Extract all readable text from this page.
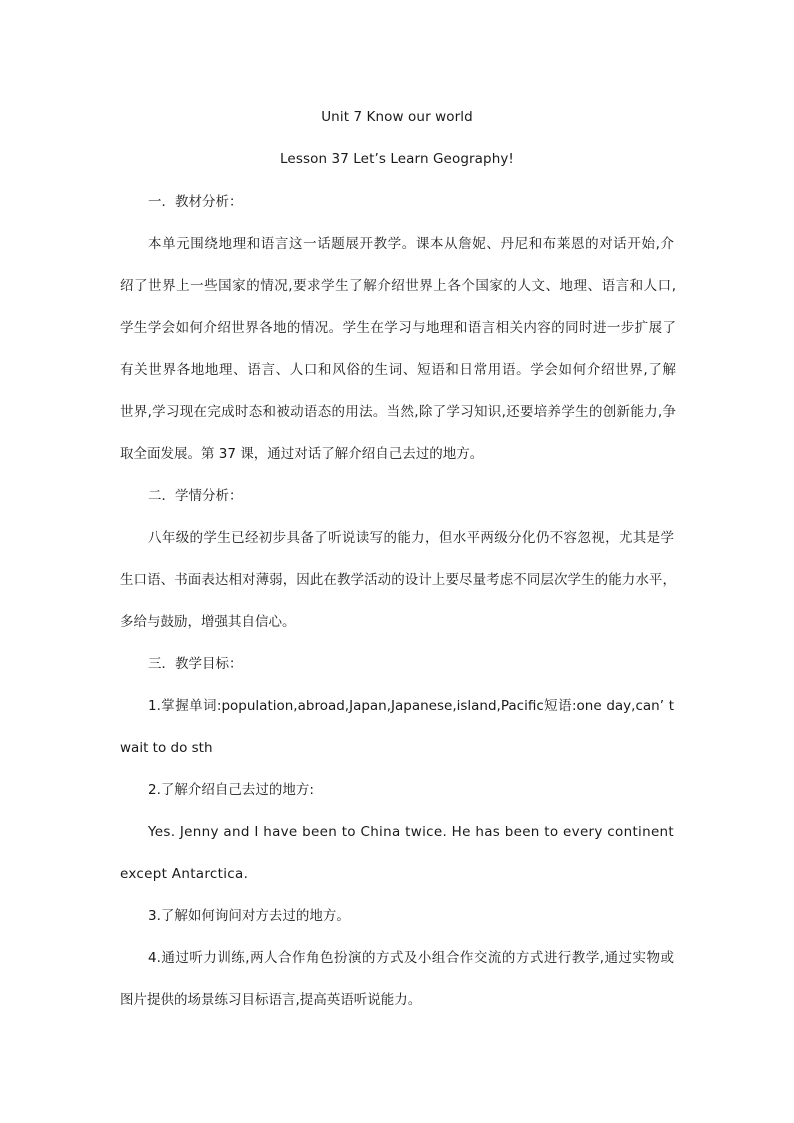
Unit 7 Know our world
Lesson 37 Let’s Learn Geography!
一．教材分析：
本单元围绕地理和语言这一话题展开教学。课本从詹妮、丹尼和布莱恩的对话开始,介
绍了世界上一些国家的情况,要求学生了解介绍世界上各个国家的人文、地理、语言和人口,
学生学会如何介绍世界各地的情况。学生在学习与地理和语言相关内容的同时进一步扩展了
有关世界各地地理、语言、人口和风俗的生词、短语和日常用语。学会如何介绍世界,了解
世界,学习现在完成时态和被动语态的用法。当然,除了学习知识,还要培养学生的创新能力,争
取全面发展。第 37 课，通过对话了解介绍自己去过的地方。
二．学情分析：
八年级的学生已经初步具备了听说读写的能力，但水平两级分化仍不容忽视，尤其是学
生口语、书面表达相对薄弱，因此在教学活动的设计上要尽量考虑不同层次学生的能力水平，
多给与鼓励，增强其自信心。
三．教学目标：
1.掌握单词:population,abroad,Japan,Japanese,island,Pacific短语:one day,can’ t
wait to do sth
2.了解介绍自己去过的地方:
Yes. Jenny and I have been to China twice. He has been to every continent
except Antarctica.
3.了解如何询问对方去过的地方。
4.通过听力训练,两人合作角色扮演的方式及小组合作交流的方式进行教学,通过实物或
图片提供的场景练习目标语言,提高英语听说能力。
